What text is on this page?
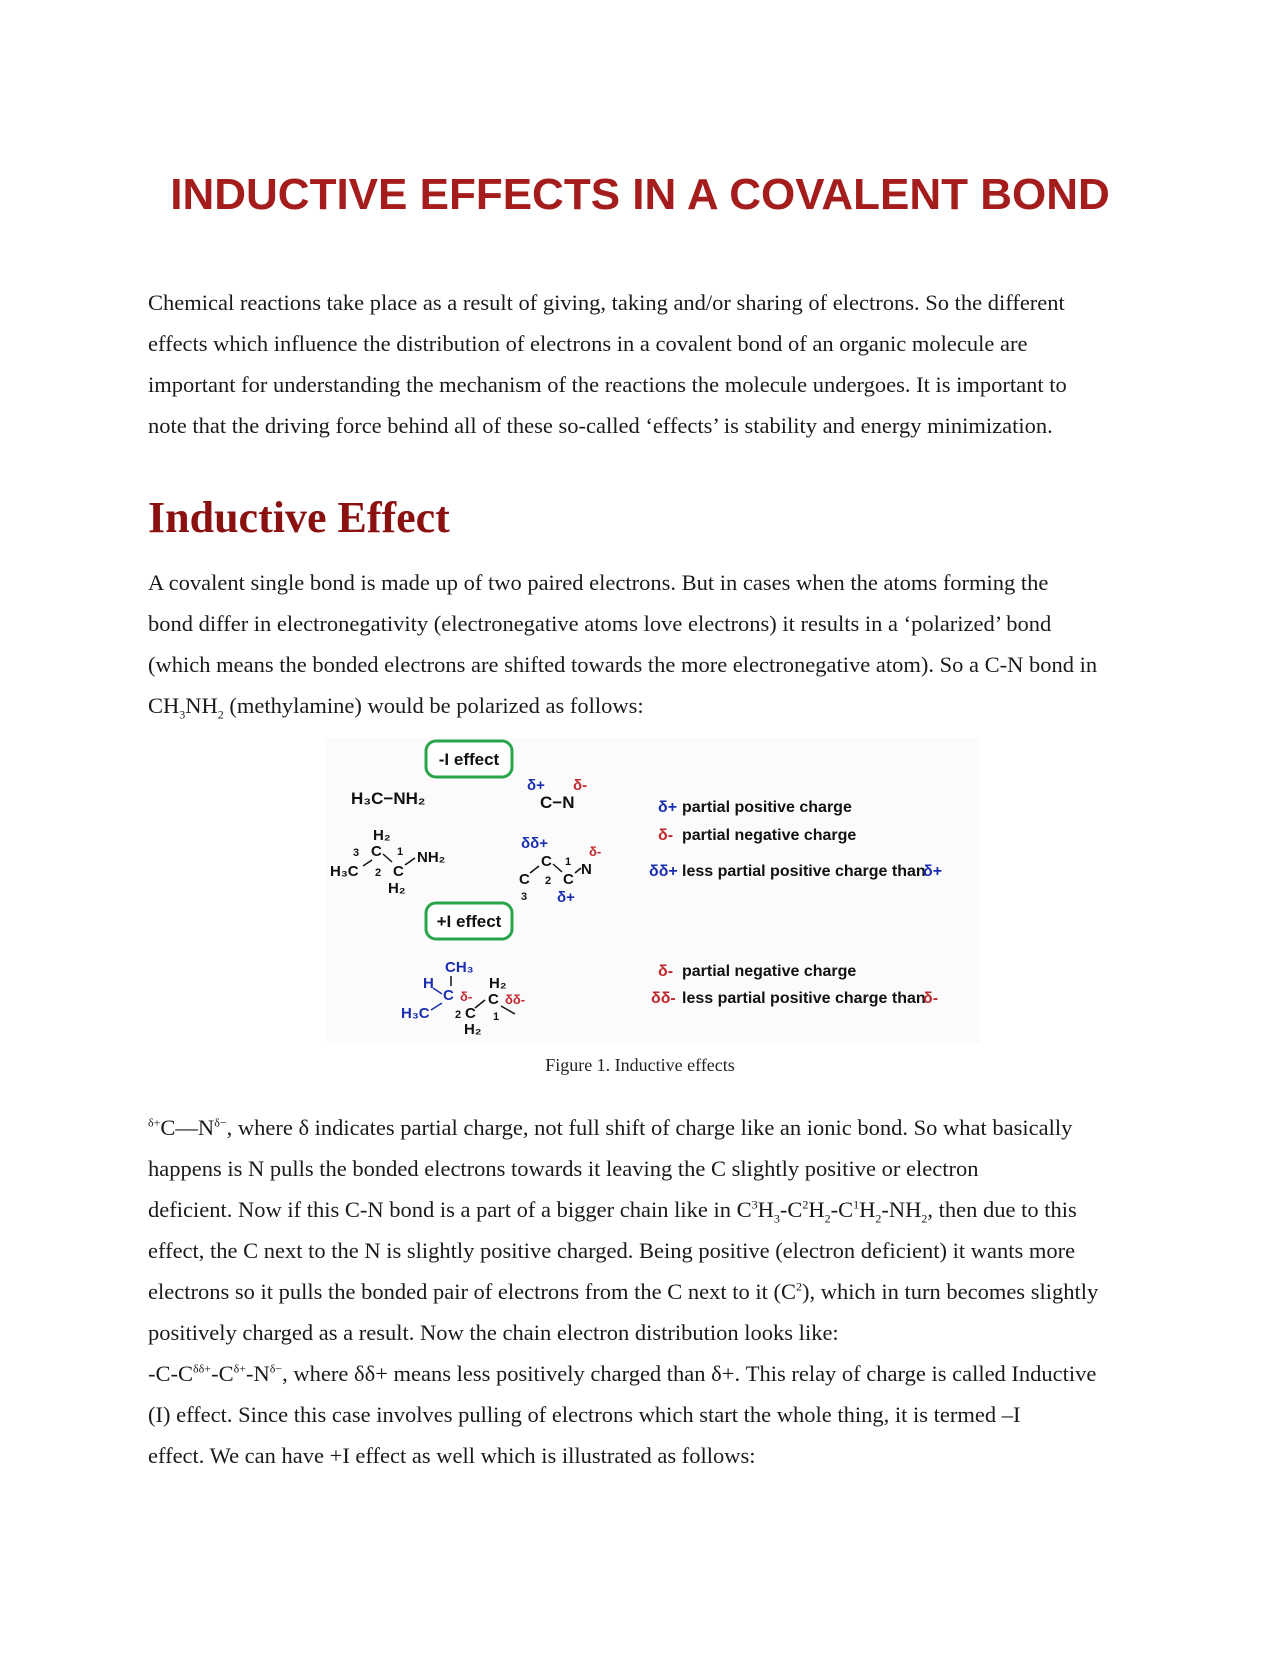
INDUCTIVE EFFECTS IN A COVALENT BOND

Chemical reactions take place as a result of giving, taking and/or sharing of electrons. So the different
effects which influence the distribution of electrons in a covalent bond of an organic molecule are
important for understanding the mechanism of the reactions the molecule undergoes. It is important to
note that the driving force behind all of these so-called ‘effects’ is stability and energy minimization.

Inductive Effect

A covalent single bond is made up of two paired electrons. But in cases when the atoms forming the
bond differ in electronegativity (electronegative atoms love electrons) it results in a ‘polarized’ bond
(which means the bonded electrons are shifted towards the more electronegative atom). So a C-N bond in
$CH_3NH_2$ (methylamine) would be polarized as follows:

-I effect
H₃C−NH₂
δ+ δ-
C−N	δ+ partial positive charge
δ- partial negative charge
δδ+ less partial positive charge than
δ+
H₂
3 C 1 NH₂
H₃C 2 C
H₂
δδ+
C 1
δ-
N
C 2 C
3 δ+
+I effect
CH₃
H	H₂
C δ- C δδ-
H₃C 2 C 1
H₂
δ- partial negative charge
δδ- less partial positive charge than
δ-
Figure 1. Inductive effects

$^{\delta+}C—N^{\delta-}$, where δ indicates partial charge, not full shift of charge like an ionic bond. So what basically
happens is N pulls the bonded electrons towards it leaving the C slightly positive or electron
deficient. Now if this C-N bond is a part of a bigger chain like in $C^3H_3-C^2H_2-C^1H_2-NH_2$, then due to this
effect, the C next to the N is slightly positive charged. Being positive (electron deficient) it wants more
electrons so it pulls the bonded pair of electrons from the C next to it $(C^2)$, which in turn becomes slightly
positively charged as a result. Now the chain electron distribution looks like:
$-C-C^{\delta\delta+}-C^{\delta+}-N^{\delta-}$, where δδ+ means less positively charged than δ+. This relay of charge is called Inductive
(I) effect. Since this case involves pulling of electrons which start the whole thing, it is termed –I
effect. We can have +I effect as well which is illustrated as follows:
